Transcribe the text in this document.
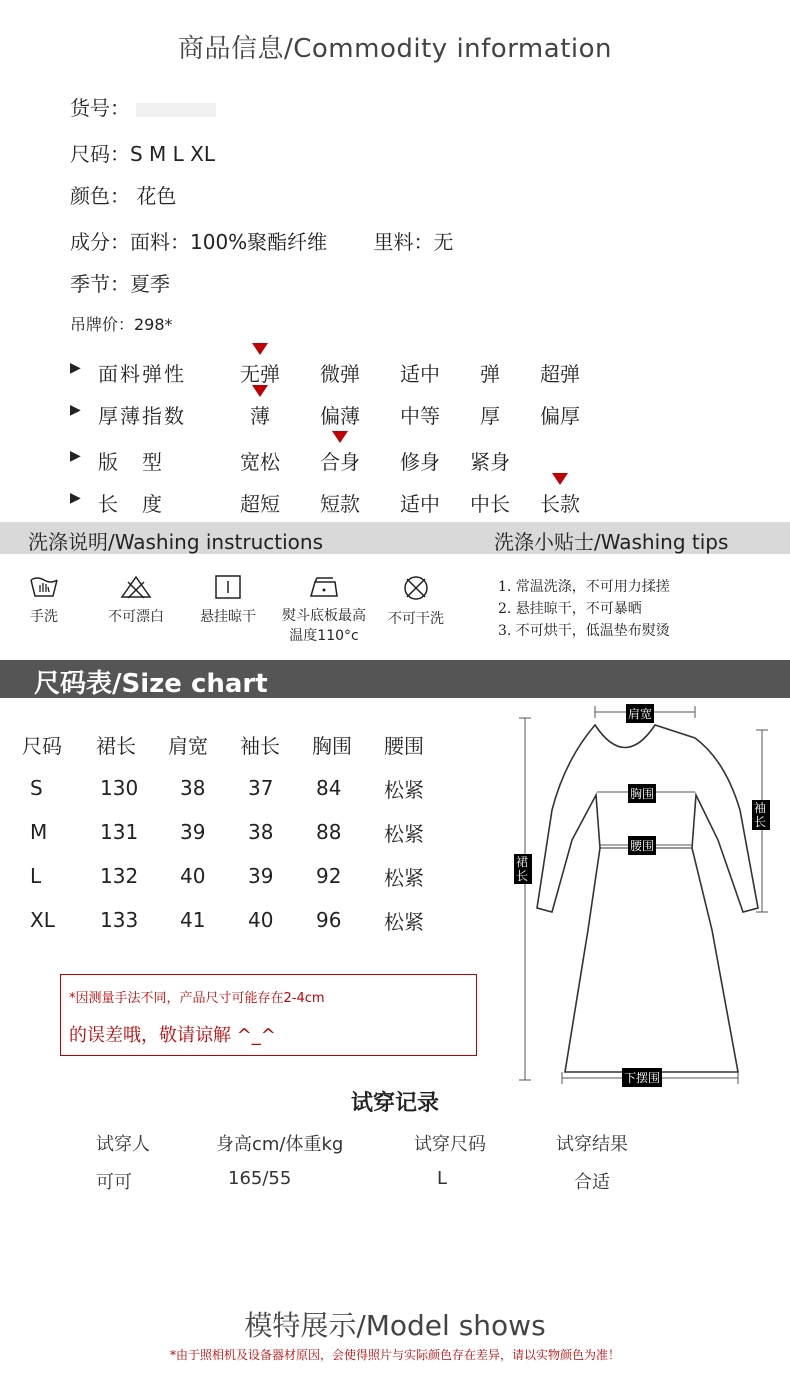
商品信息/Commodity information
货号：
尺码：S M L XL
颜色： 花色
成分：面料：100%聚酯纤维 里料：无
季节：夏季
吊牌价：298*
▶ 面料弹性	无弹	微弹	适中	弹	超弹
▶ 厚薄指数	薄	偏薄	中等	厚	偏厚
▶ 版　型	宽松	合身	修身	紧身
▶ 长　度	超短	短款	适中	中长	长款
洗涤说明/Washing instructions	洗涤小贴士/Washing tips
手洗	不可漂白	悬挂晾干	熨斗底板最高
温度110°c
不可干洗
1. 常温洗涤，不可用力揉搓
2. 悬挂晾干，不可暴晒
3. 不可烘干，低温垫布熨烫
尺码表/Size chart
尺码	裙长	肩宽	袖长	胸围	腰围
S	130	38	37	84	松紧
M	131	39	38	88	松紧
L	132	40	39	92	松紧
XL	133	41	40	96	松紧
*因测量手法不同，产品尺寸可能存在2-4cm
的误差哦，敬请谅解 ^_^
肩宽
胸围
腰围
袖长
裙长
下摆围
试穿记录
试穿人	身高cm/体重kg	试穿尺码	试穿结果
可可	165/55	L	合适
模特展示/Model shows
*由于照相机及设备器材原因，会使得照片与实际颜色存在差异，请以实物颜色为准！
